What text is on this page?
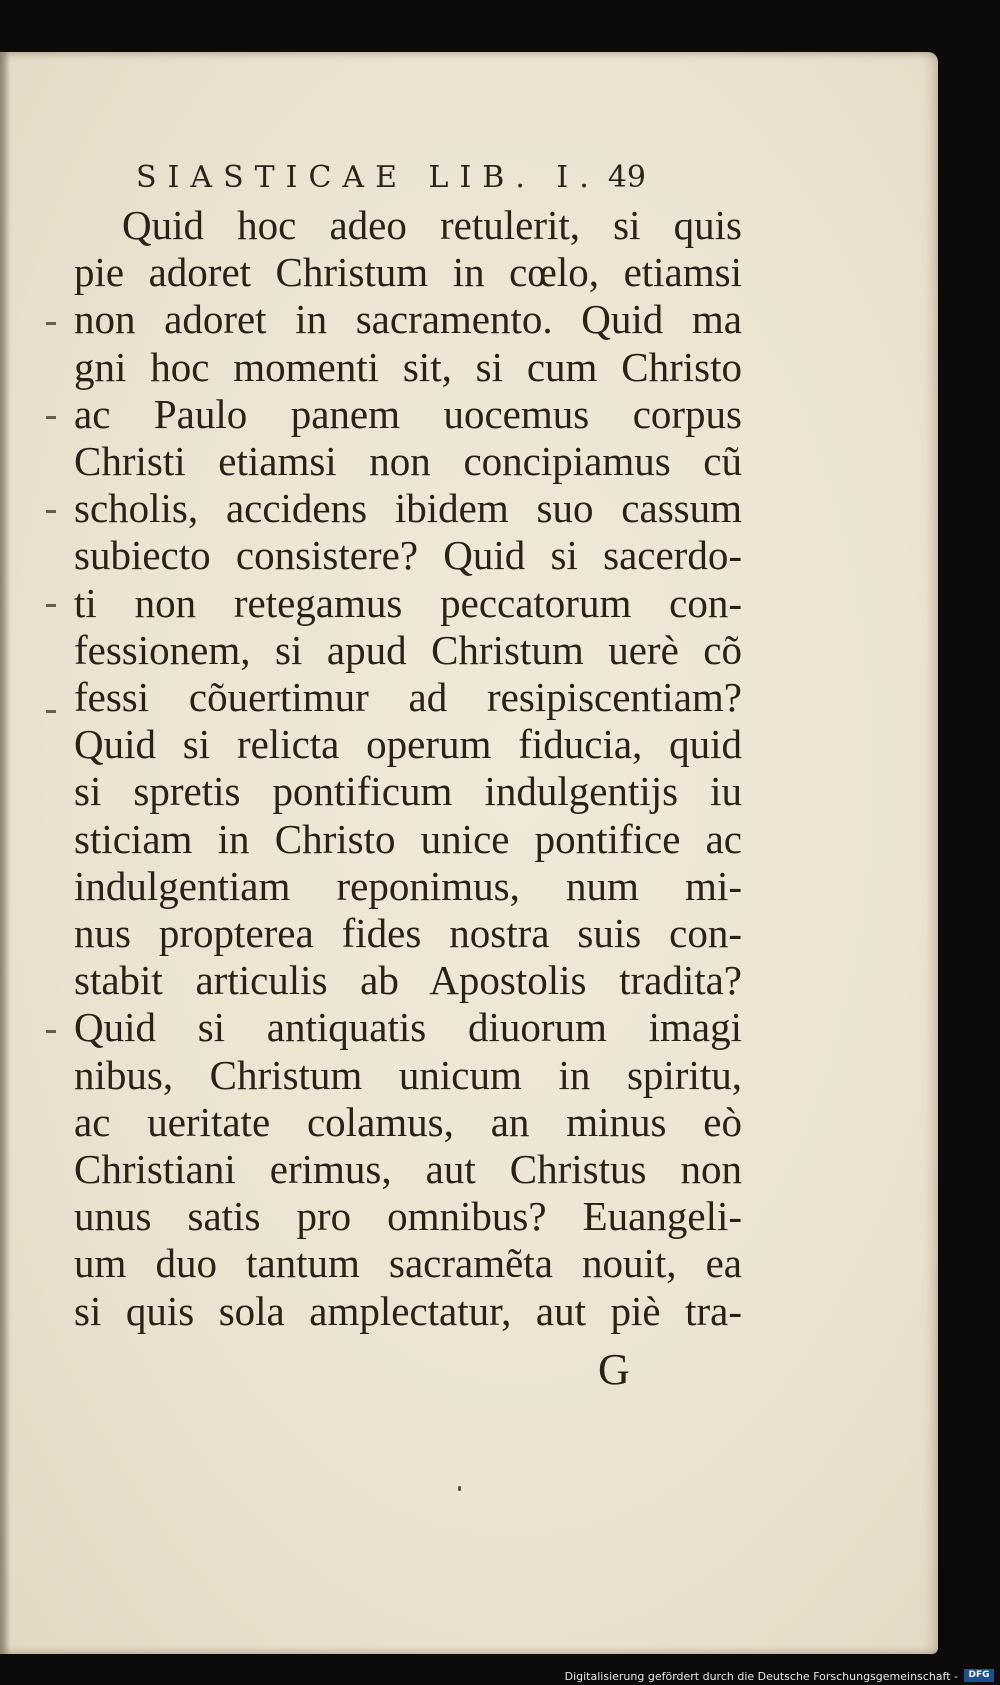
SIASTICAE LIB. I. 49
Quid hoc adeo retulerit, si quis
pie adoret Christum in cœlo, etiamsi
non adoret in sacramento. Quid ma
gni hoc momenti sit, si cum Christo
ac Paulo panem uocemus corpus
Christi etiamsi non concipiamus cũ
scholis, accidens ibidem suo cassum
subiecto consistere? Quid si sacerdo-
ti non retegamus peccatorum con-
fessionem, si apud Christum uerè cõ
fessi cõuertimur ad resipiscentiam?
Quid si relicta operum fiducia, quid
si spretis pontificum indulgentijs iu
sticiam in Christo unice pontifice ac
indulgentiam reponimus, num mi-
nus propterea fides nostra suis con-
stabit articulis ab Apostolis tradita?
Quid si antiquatis diuorum imagi
nibus, Christum unicum in spiritu,
ac ueritate colamus, an minus eò
Christiani erimus, aut Christus non
unus satis pro omnibus? Euangeli-
um duo tantum sacramẽta nouit, ea
si quis sola amplectatur, aut piè tra-
G
Digitalisierung gefördert durch die Deutsche Forschungsgemeinschaft -	DFG
